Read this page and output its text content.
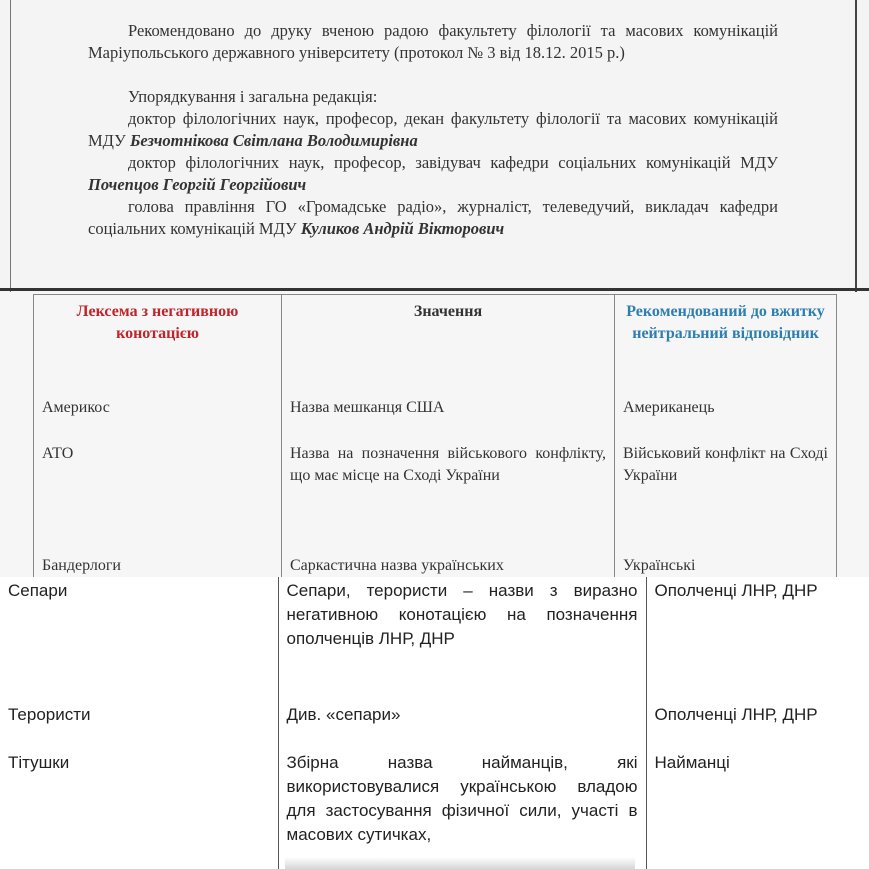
Рекомендовано до друку вченою радою факультету філології та масових комунікацій Маріупольського державного університету (протокол № 3 від 18.12. 2015 р.)

Упорядкування і загальна редакція:

доктор філологічних наук, професор, декан факультету філології та масових комунікацій МДУ Безчотнікова Світлана Володимирівна

доктор філологічних наук, професор, завідувач кафедри соціальних комунікацій МДУ Почепцов Георгій Георгійович

голова правління ГО «Громадське радіо», журналіст, телеведучий, викладач кафедри соціальних комунікацій МДУ Куликов Андрій Вікторович

Лексема з негативною конотацією	Значення	Рекомендований до вжитку нейтральний відповідник
Америкос	Назва мешканця США	Американець
АТО	Назва на позначення військового конфлікту, що має місце на Сході України	Військовий конфлікт на Сході України
Бандерлоги	Саркастична назва українських	Українські
Сепари	Сепари, терористи – назви з виразно негативною конотацією на позначення ополченців ЛНР, ДНР	Ополченці ЛНР, ДНР
Терористи	Див. «сепари»	Ополченці ЛНР, ДНР
Тітушки	Збірна назва найманців, які використовувалися українською владою для застосування фізичної сили, участі в масових сутичках,	Найманці
